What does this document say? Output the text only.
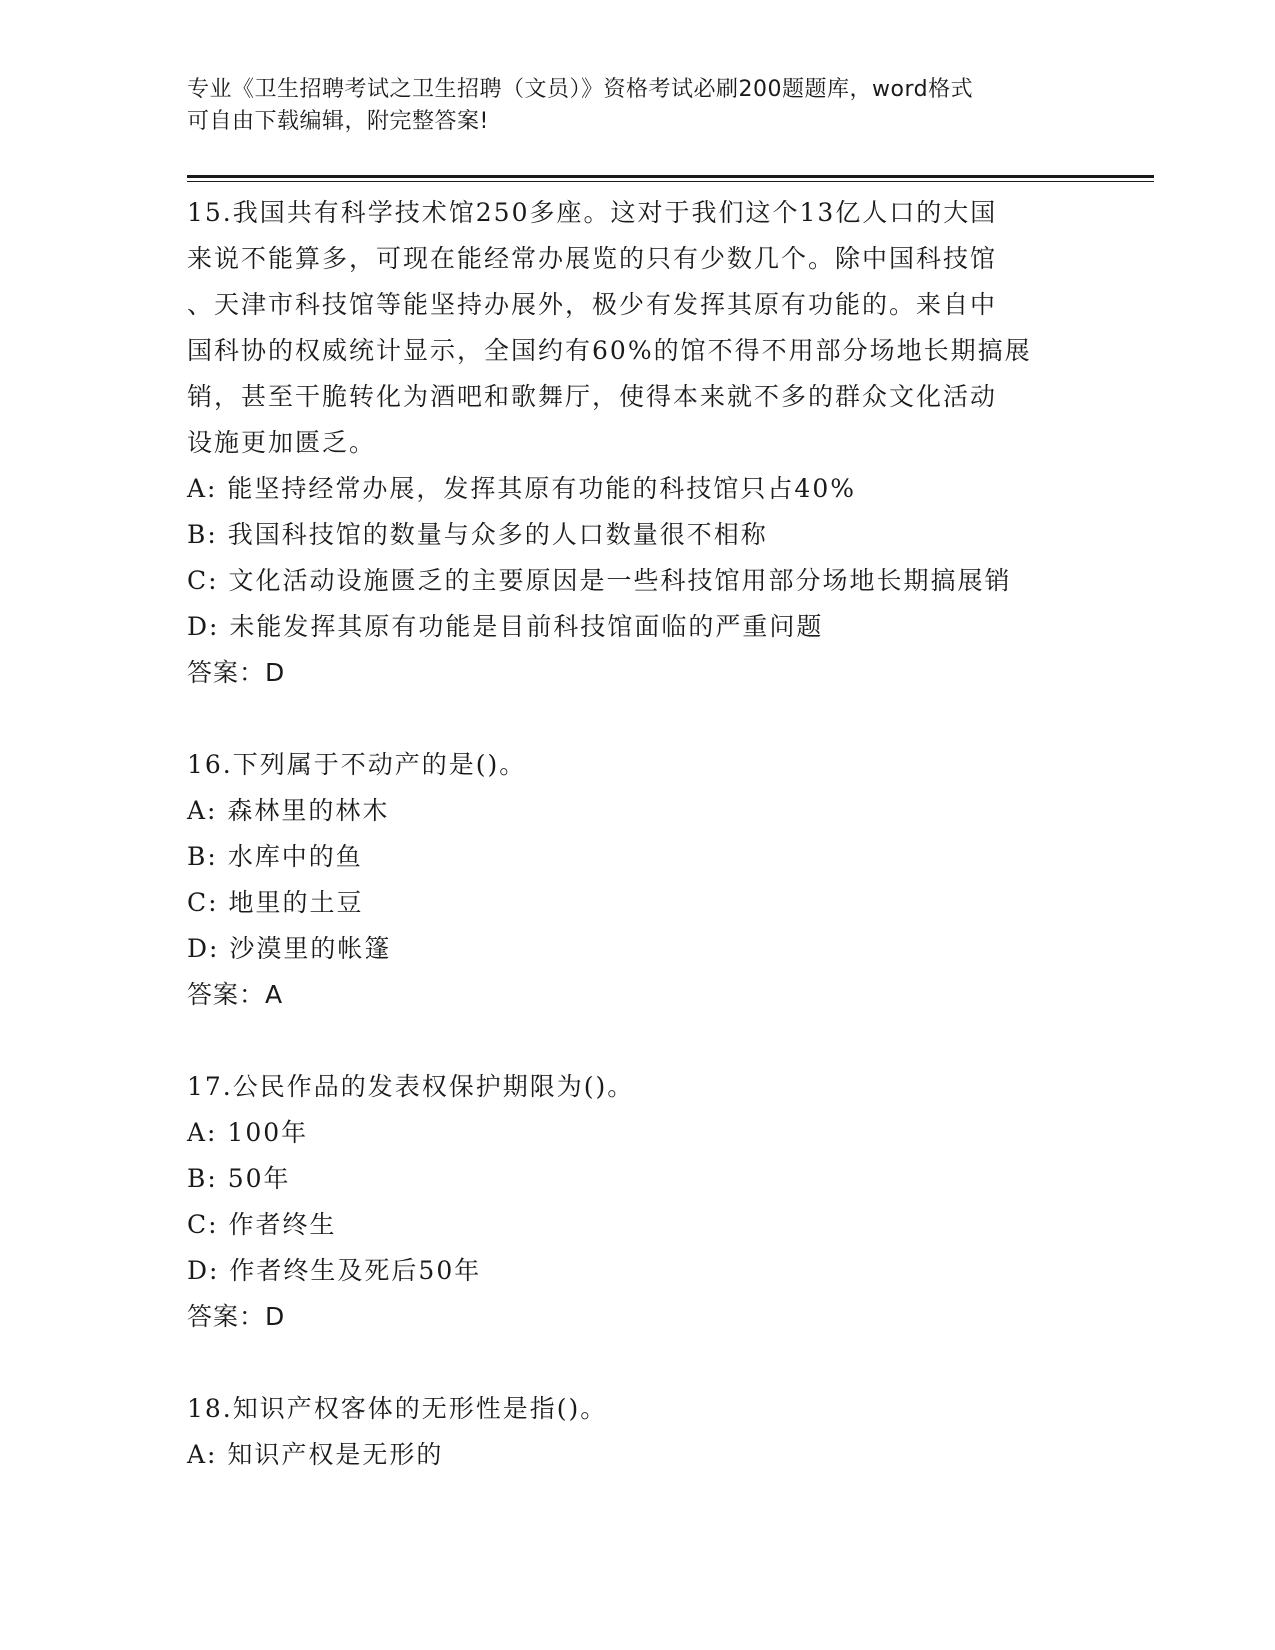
专业《卫生招聘考试之卫生招聘（文员）》资格考试必刷200题题库，word格式
可自由下载编辑，附完整答案!
15.我国共有科学技术馆250多座。这对于我们这个13亿人口的大国
来说不能算多，可现在能经常办展览的只有少数几个。除中国科技馆
、天津市科技馆等能坚持办展外，极少有发挥其原有功能的。来自中
国科协的权威统计显示，全国约有60%的馆不得不用部分场地长期搞展
销，甚至干脆转化为酒吧和歌舞厅，使得本来就不多的群众文化活动
设施更加匮乏。
A: 能坚持经常办展，发挥其原有功能的科技馆只占40%
B: 我国科技馆的数量与众多的人口数量很不相称
C: 文化活动设施匮乏的主要原因是一些科技馆用部分场地长期搞展销
D: 未能发挥其原有功能是目前科技馆面临的严重问题
答案：D
16.下列属于不动产的是()。
A: 森林里的林木
B: 水库中的鱼
C: 地里的土豆
D: 沙漠里的帐篷
答案：A
17.公民作品的发表权保护期限为()。
A: 100年
B: 50年
C: 作者终生
D: 作者终生及死后50年
答案：D
18.知识产权客体的无形性是指()。
A: 知识产权是无形的
